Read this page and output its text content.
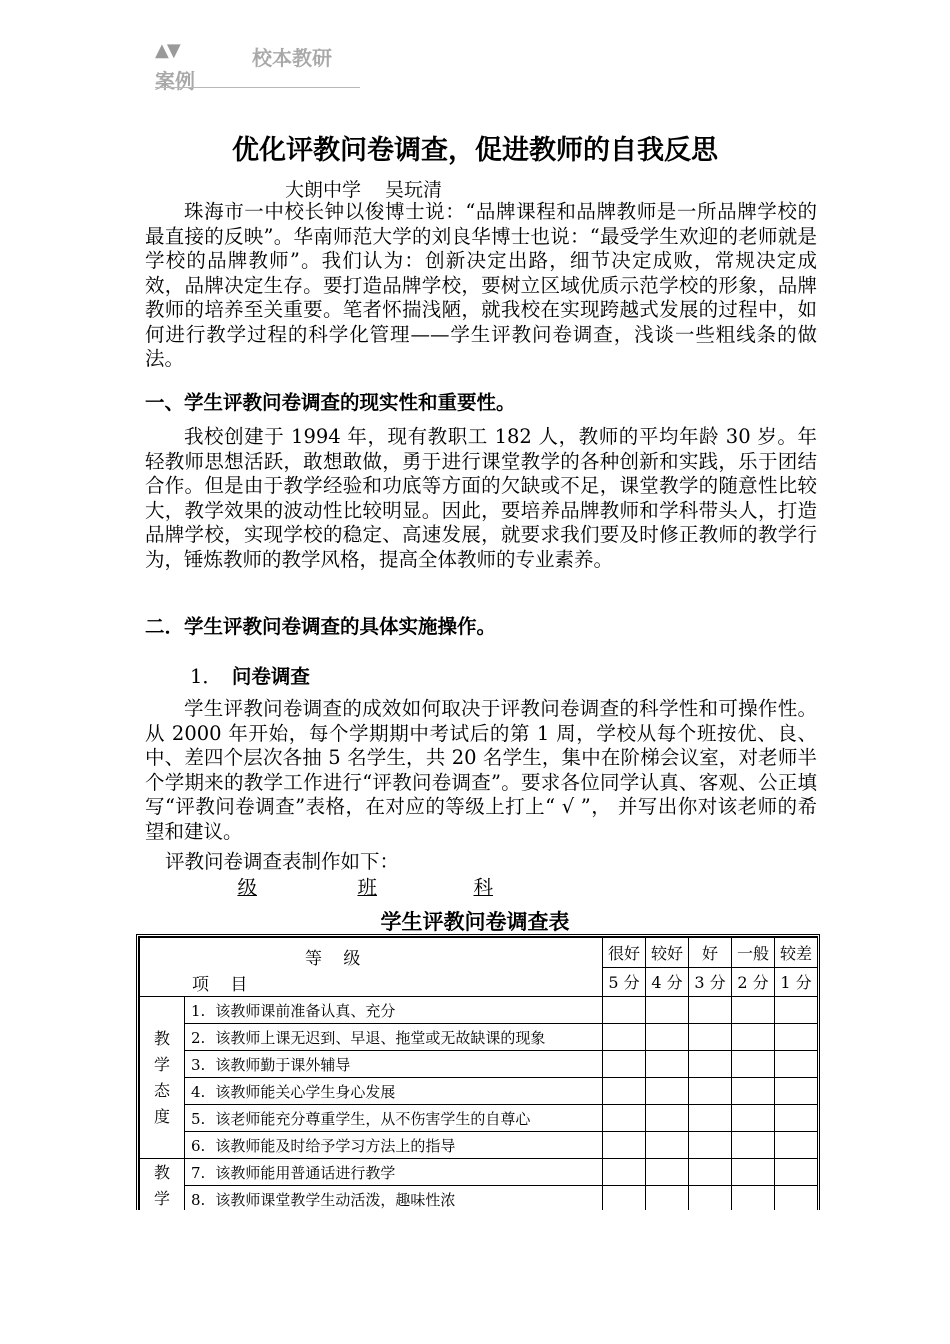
▲▼	校本教研
案例
优化评教问卷调查，促进教师的自我反思
大朗中学 吴玩清
珠海市一中校长钟以俊博士说：“品牌课程和品牌教师是一所品牌学校的最直接的反映”。华南师范大学的刘良华博士也说：“最受学生欢迎的老师就是学校的品牌教师”。我们认为：创新决定出路，细节决定成败，常规决定成效，品牌决定生存。要打造品牌学校，要树立区域优质示范学校的形象，品牌教师的培养至关重要。笔者怀揣浅陋，就我校在实现跨越式发展的过程中，如何进行教学过程的科学化管理——学生评教问卷调查，浅谈一些粗线条的做法。
一、学生评教问卷调查的现实性和重要性。
我校创建于 1994 年，现有教职工 182 人，教师的平均年龄 30 岁。年轻教师思想活跃，敢想敢做，勇于进行课堂教学的各种创新和实践，乐于团结合作。但是由于教学经验和功底等方面的欠缺或不足，课堂教学的随意性比较大，教学效果的波动性比较明显。因此，要培养品牌教师和学科带头人，打造品牌学校，实现学校的稳定、高速发展，就要求我们要及时修正教师的教学行为，锤炼教师的教学风格，提高全体教师的专业素养。
二．学生评教问卷调查的具体实施操作。
1． 问卷调查
学生评教问卷调查的成效如何取决于评教问卷调查的科学性和可操作性。从 2000 年开始，每个学期期中考试后的第 1 周，学校从每个班按优、良、中、差四个层次各抽 5 名学生，共 20 名学生，集中在阶梯会议室，对老师半个学期来的教学工作进行“评教问卷调查”。要求各位同学认真、客观、公正填写“评教问卷调查”表格，在对应的等级上打上“ √ ”， 并写出你对该老师的希望和建议。
评教问卷调查表制作如下：
级	班	科
学生评教问卷调查表
等 级
项 目		很好	较好	好	一般	较差
		5 分	4 分	3 分	2 分	1 分

教
学
态
度	1. 该教师课前准备认真、充分					
	2. 该教师上课无迟到、早退、拖堂或无故缺课的现象					
	3. 该教师勤于课外辅导					
	4. 该教师能关心学生身心发展					
	5. 该老师能充分尊重学生，从不伤害学生的自尊心					
	6. 该教师能及时给予学习方法上的指导					

教
学	7. 该教师能用普通话进行教学					
	8. 该教师课堂教学生动活泼，趣味性浓					
